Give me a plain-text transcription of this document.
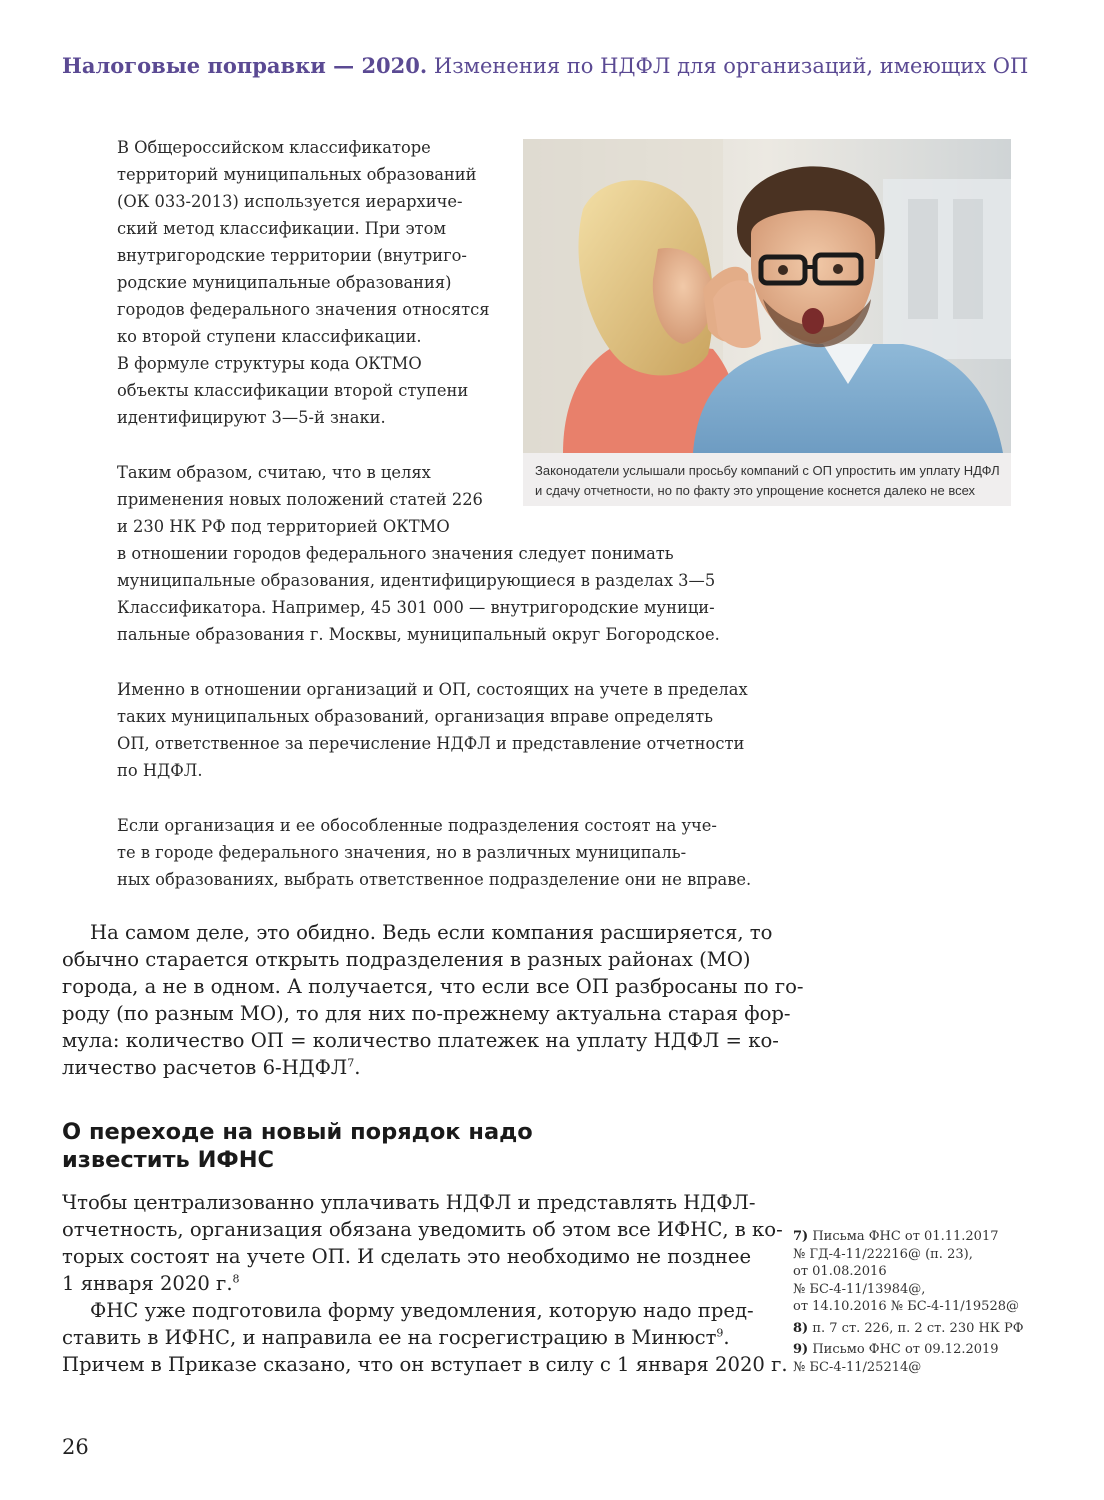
Налоговые поправки — 2020. Изменения по НДФЛ для организаций, имеющих ОП
В Общероссийском классификаторе
территорий муниципальных образований
(ОК 033-2013) используется иерархиче-
ский метод классификации. При этом
внутригородские территории (внутриго-
родские муниципальные образования)
городов федерального значения относятся
ко второй ступени классификации.
В формуле структуры кода ОКТМО
объекты классификации второй ступени
идентифицируют 3—5-й знаки.
Таким образом, считаю, что в целях
применения новых положений статей 226
и 230 НК РФ под территорией ОКТМО
в отношении городов федерального значения следует понимать
муниципальные образования, идентифицирующиеся в разделах 3—5
Классификатора. Например, 45 301 000 — внутригородские муници-
пальные образования г. Москвы, муниципальный округ Богородское.
Именно в отношении организаций и ОП, состоящих на учете в пределах
таких муниципальных образований, организация вправе определять
ОП, ответственное за перечисление НДФЛ и представление отчетности
по НДФЛ.
Если организация и ее обособленные подразделения состоят на уче-
те в городе федерального значения, но в различных муниципаль-
ных образованиях, выбрать ответственное подразделение они не вправе.
Законодатели услышали просьбу компаний с ОП упростить им уплату НДФЛ
и сдачу отчетности, но по факту это упрощение коснется далеко не всех
На самом деле, это обидно. Ведь если компания расширяется, то
обычно старается открыть подразделения в разных районах (МО)
города, а не в одном. А получается, что если все ОП разбросаны по го-
роду (по разным МО), то для них по-прежнему актуальна старая фор-
мула: количество ОП = количество платежек на уплату НДФЛ = ко-
личество расчетов 6-НДФЛ$^7$.
О переходе на новый порядок надо
известить ИФНС
Чтобы централизованно уплачивать НДФЛ и представлять НДФЛ-
отчетность, организация обязана уведомить об этом все ИФНС, в ко-
торых состоят на учете ОП. И сделать это необходимо не позднее
1 января 2020 г.$^8$
ФНС уже подготовила форму уведомления, которую надо пред-
ставить в ИФНС, и направила ее на госрегистрацию в Минюст$^9$.
Причем в Приказе сказано, что он вступает в силу с 1 января 2020 г.
7) Письма ФНС от 01.11.2017
№ ГД-4-11/22216@ (п. 23),
от 01.08.2016
№ БС-4-11/13984@,
от 14.10.2016 № БС-4-11/19528@
8) п. 7 ст. 226, п. 2 ст. 230 НК РФ
9) Письмо ФНС от 09.12.2019
№ БС-4-11/25214@
26
